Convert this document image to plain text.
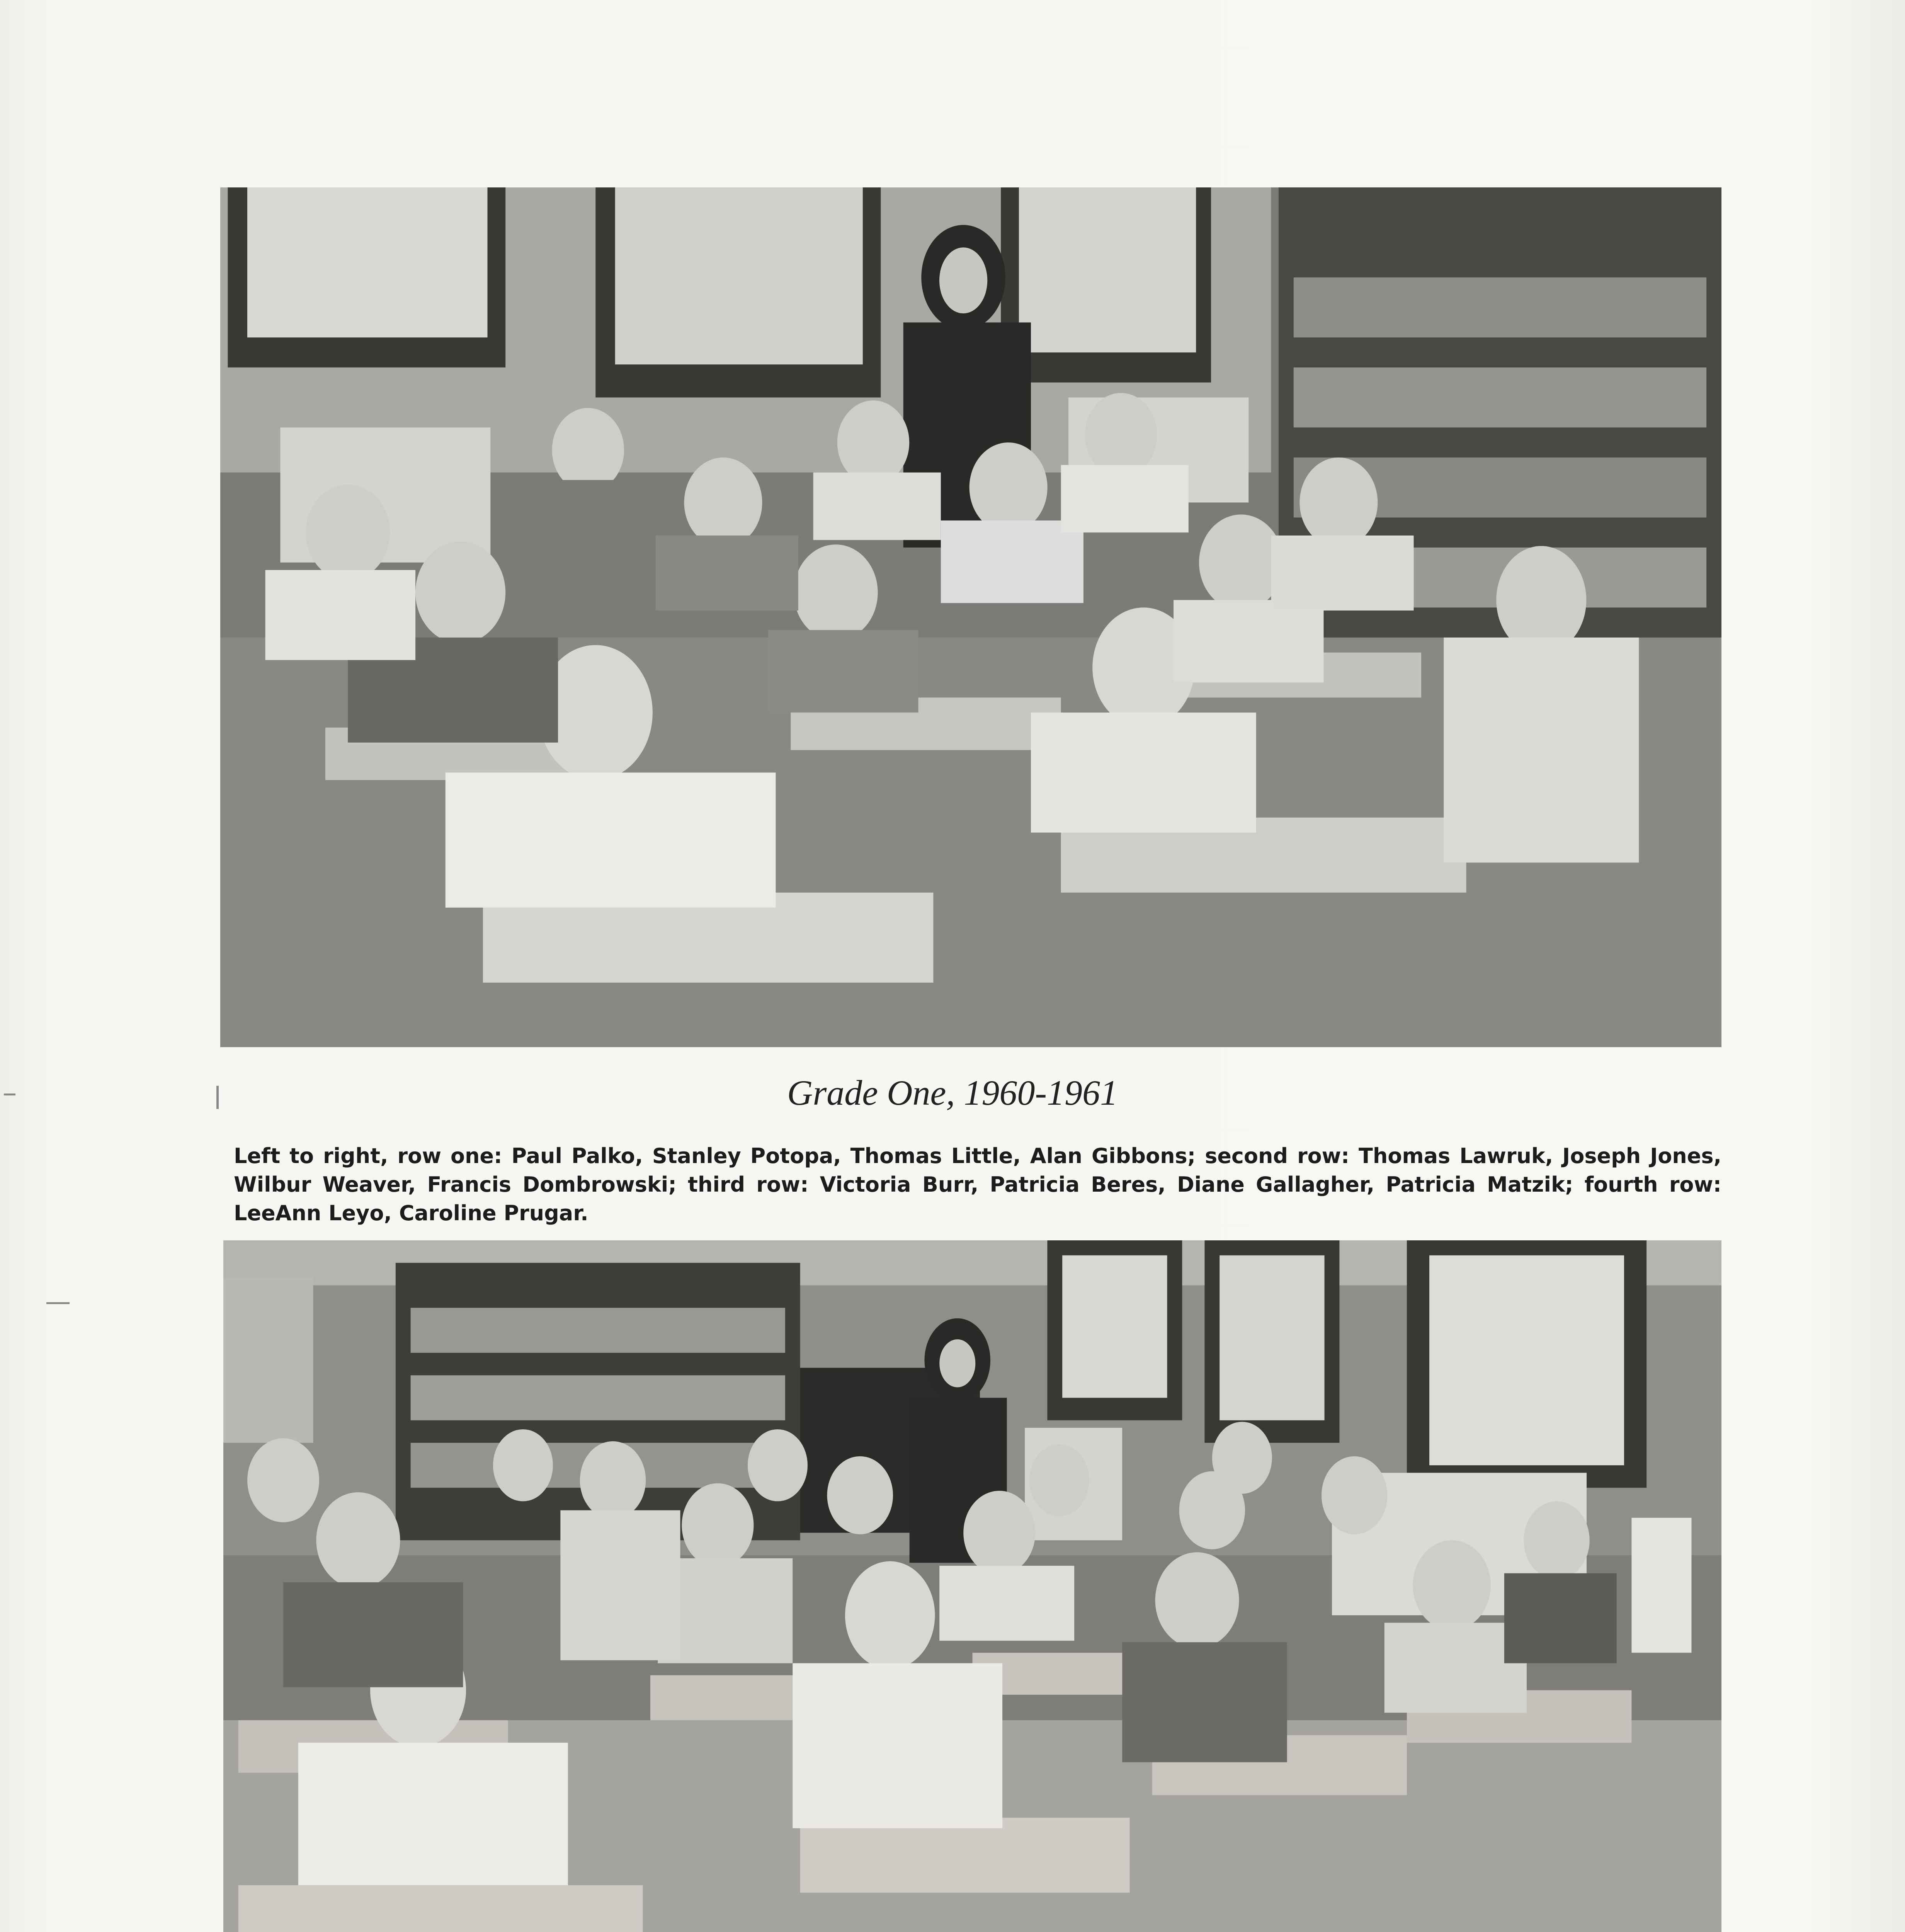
Grade One, 1960-1961
Left to right, row one: Paul Palko, Stanley Potopa, Thomas Little, Alan Gibbons; second row: Thomas Lawruk, Joseph Jones, Wilbur Weaver, Francis Dombrowski; third row: Victoria Burr, Patricia Beres, Diane Gallagher, Patricia Matzik; fourth row: LeeAnn Leyo, Caroline Prugar.
